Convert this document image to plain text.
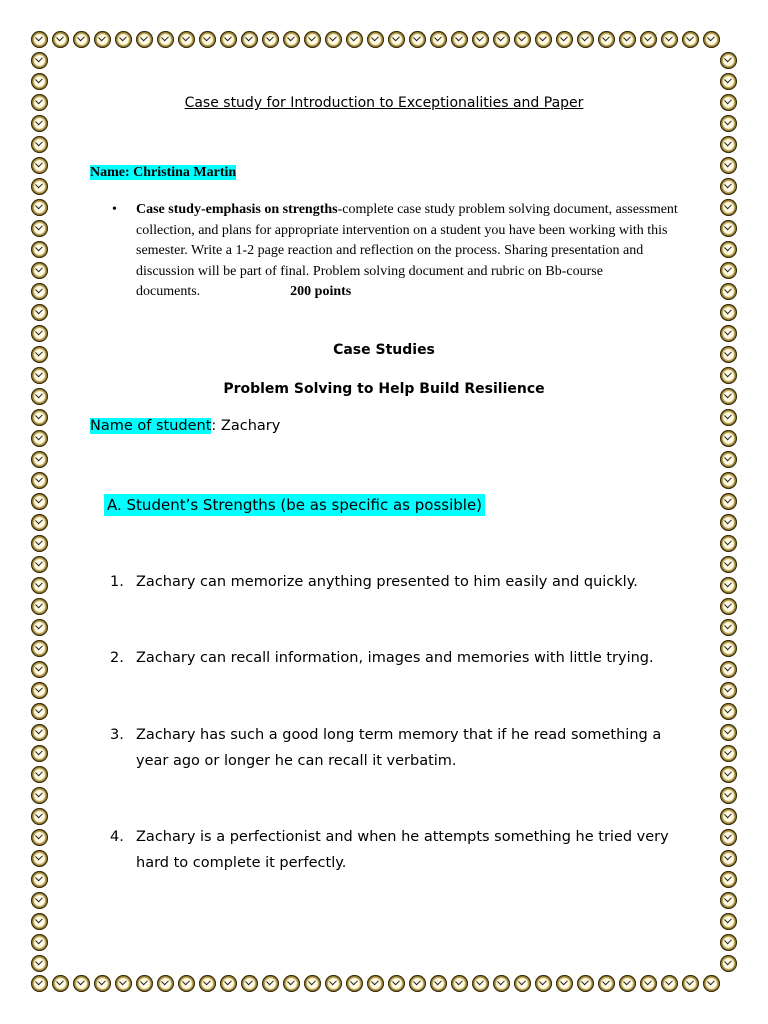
Case study for Introduction to Exceptionalities and Paper
Name: Christina Martin
• Case study-emphasis on strengths-complete case study problem solving document, assessment collection, and plans for appropriate intervention on a student you have been working with this semester. Write a 1-2 page reaction and reflection on the process. Sharing presentation and discussion will be part of final. Problem solving document and rubric on Bb-course documents.	200 points
Case Studies
Problem Solving to Help Build Resilience
Name of student: Zachary
A. Student’s Strengths (be as specific as possible)
1. Zachary can memorize anything presented to him easily and quickly.
2. Zachary can recall information, images and memories with little trying.
3. Zachary has such a good long term memory that if he read something a year ago or longer he can recall it verbatim.
4. Zachary is a perfectionist and when he attempts something he tried very hard to complete it perfectly.
